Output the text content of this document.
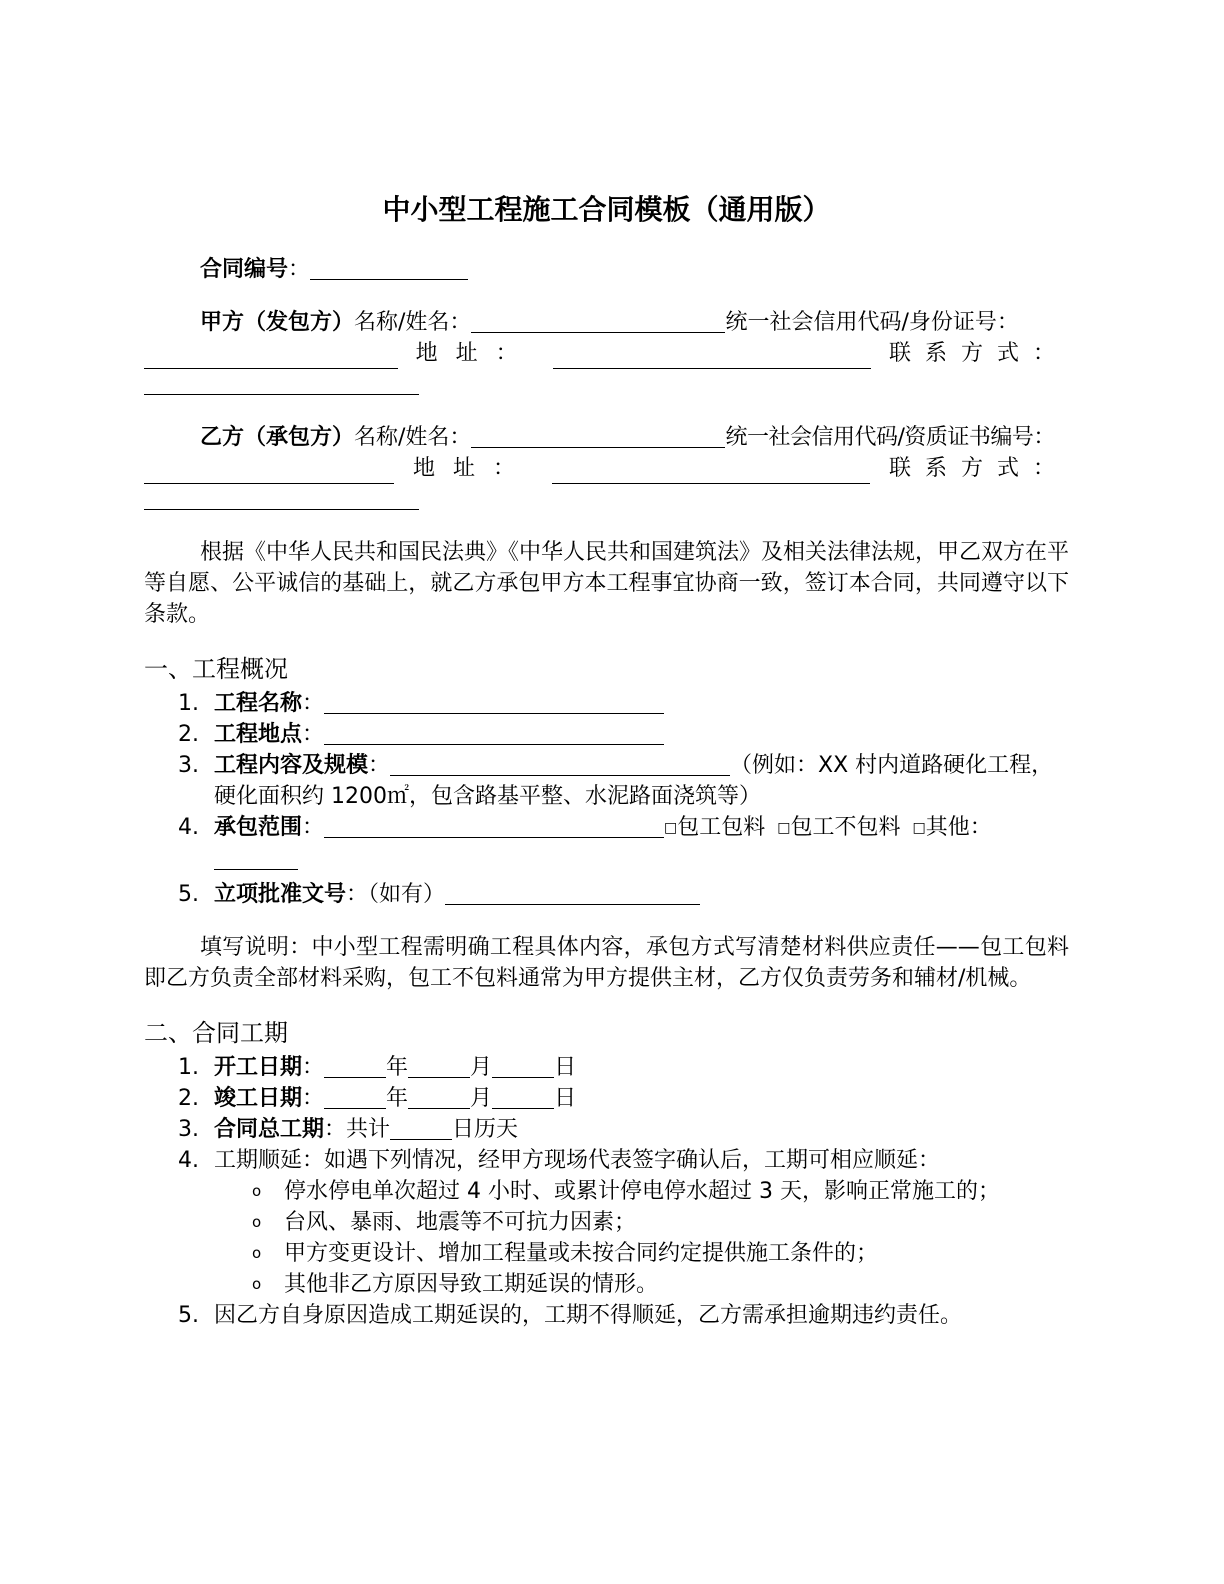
中小型工程施工合同模板（通用版）

合同编号：

甲方（发包方）名称/姓名：	统一社会信用代码/身份证号：

地址：	联系方式：

乙方（承包方）名称/姓名：	统一社会信用代码/资质证书编号：

地址：	联系方式：

根据《中华人民共和国民法典》《中华人民共和国建筑法》及相关法律法规，甲乙双方在平等自愿、公平诚信的基础上，就乙方承包甲方本工程事宜协商一致，签订本合同，共同遵守以下条款。

一、工程概况
1. 工程名称：
2. 工程地点：
3. 工程内容及规模：	（例如：XX 村内道路硬化工程，硬化面积约 1200㎡，包含路基平整、水泥路面浇筑等）
4. 承包范围：	□包工包料 □包工不包料 □其他：

5. 立项批准文号：（如有）

填写说明：中小型工程需明确工程具体内容，承包方式写清楚材料供应责任——包工包料即乙方负责全部材料采购，包工不包料通常为甲方提供主材，乙方仅负责劳务和辅材/机械。

二、合同工期
1. 开工日期：	年	月	日
2. 竣工日期：	年	月	日
3. 合同总工期：共计	日历天
4. 工期顺延：如遇下列情况，经甲方现场代表签字确认后，工期可相应顺延：
o 停水停电单次超过 4 小时、或累计停电停水超过 3 天，影响正常施工的；
o 台风、暴雨、地震等不可抗力因素；
o 甲方变更设计、增加工程量或未按合同约定提供施工条件的；
o 其他非乙方原因导致工期延误的情形。
5. 因乙方自身原因造成工期延误的，工期不得顺延，乙方需承担逾期违约责任。
